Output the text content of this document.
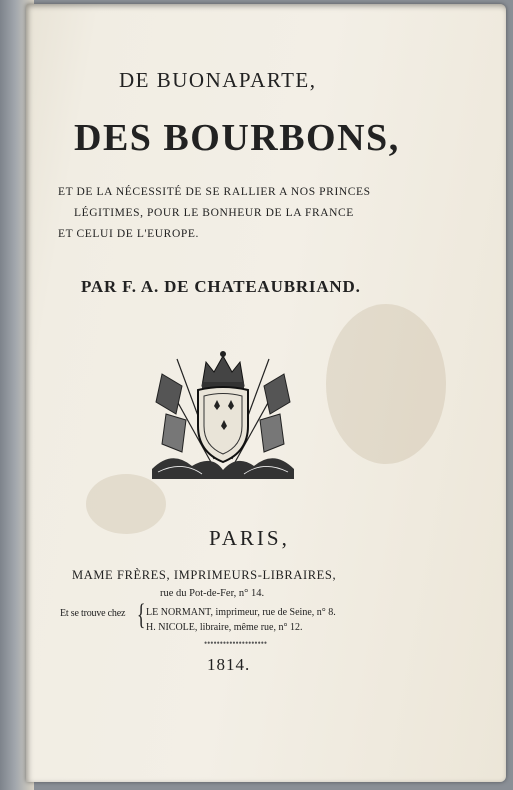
DE BUONAPARTE,
DES BOURBONS,
ET DE LA NÉCESSITÉ DE SE RALLIER A NOS PRINCES
LÉGITIMES, POUR LE BONHEUR DE LA FRANCE
ET CELUI DE L'EUROPE.
PAR F. A. DE CHATEAUBRIAND.
PARIS,
MAME FRÈRES, IMPRIMEURS-LIBRAIRES,
rue du Pot-de-Fer, n° 14.
Et se trouve chez { LE NORMANT, imprimeur, rue de Seine, n° 8.
H. NICOLE, libraire, même rue, n° 12.
••••••••••••••••••••
1814.
